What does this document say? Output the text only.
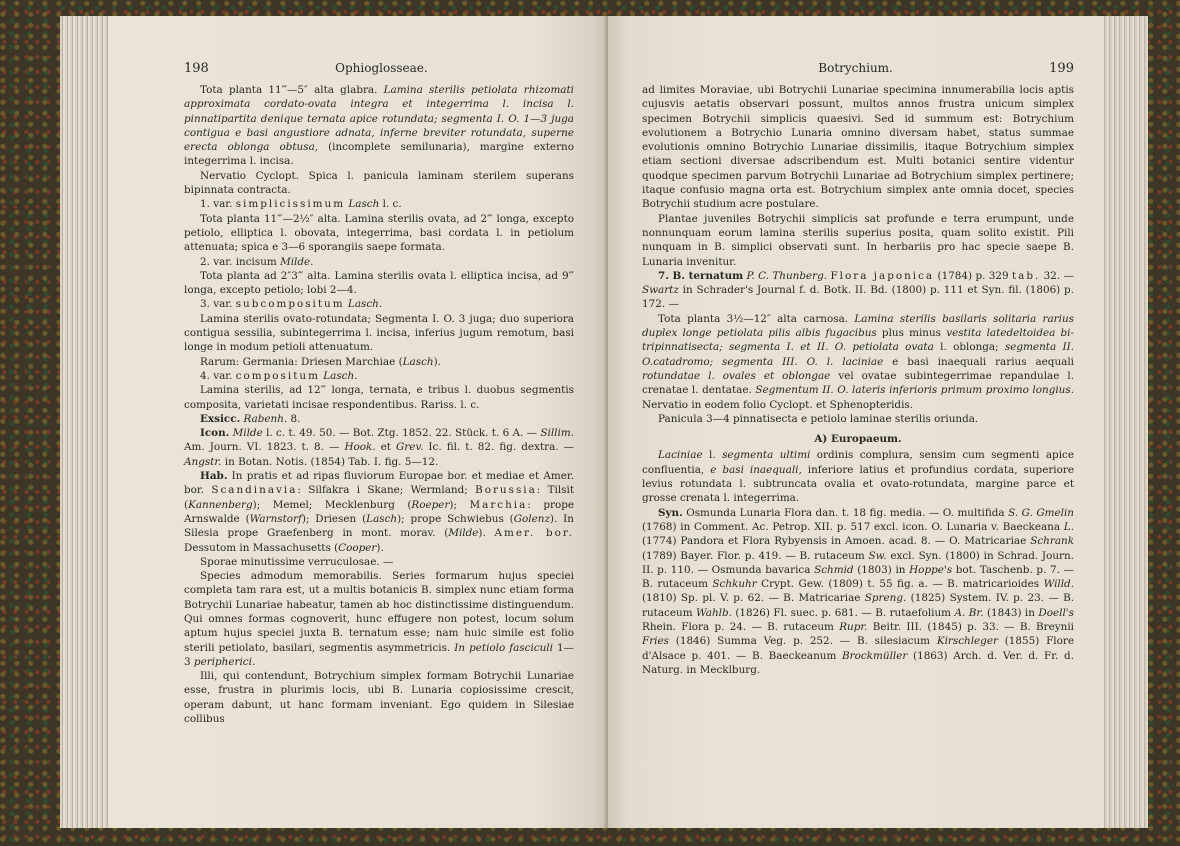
198	Ophioglosseae.

Tota planta 11‴—5″ alta glabra. Lamina sterilis petiolata rhizomati approximata cordato-ovata integra et integerrima l. incisa l. pinnatipartita denique ternata apice rotundata; segmenta I. O. 1—3 juga contigua e basi angustiore adnata, inferne breviter rotundata, superne erecta oblonga obtusa, (incomplete semilunaria), margine externo integerrima l. incisa.

Nervatio Cyclopt. Spica l. panicula laminam sterilem superans bipinnata contracta.

1. var. simplicissimum Lasch l. c.

Tota planta 11‴—2½″ alta. Lamina sterilis ovata, ad 2‴ longa, excepto petiolo, elliptica l. obovata, integerrima, basi cordata l. in petiolum attenuata; spica e 3—6 sporangiis saepe formata.

2. var. incisum Milde.

Tota planta ad 2″3‴ alta. Lamina sterilis ovata l. elliptica incisa, ad 9‴ longa, excepto petiolo; lobi 2—4.

3. var. subcompositum Lasch.

Lamina sterilis ovato-rotundata; Segmenta I. O. 3 juga; duo superiora contigua sessilia, subintegerrima l. incisa, inferius jugum remotum, basi longe in modum petioli attenuatum.

Rarum: Germania: Driesen Marchiae (Lasch).

4. var. compositum Lasch.

Lamina sterilis, ad 12‴ longa, ternata, e tribus l. duobus segmentis composita, varietati incisae respondentibus. Rariss. l. c.

Exsicc. Rabenh. 8.

Icon. Milde l. c. t. 49. 50. — Bot. Ztg. 1852. 22. Stück. t. 6 A. — Sillim. Am. Journ. VI. 1823. t. 8. — Hook. et Grev. Ic. fil. t. 82. fig. dextra. — Angstr. in Botan. Notis. (1854) Tab. I. fig. 5—12.

Hab. In pratis et ad ripas fluviorum Europae bor. et mediae et Amer. bor. Scandinavia: Silfakra i Skane; Wermland; Borussia: Tilsit (Kannenberg); Memel; Mecklenburg (Roeper); Marchia: prope Arnswalde (Warnstorf); Driesen (Lasch); prope Schwiebus (Golenz). In Silesia prope Graefenberg in mont. morav. (Milde). Amer. bor. Dessutom in Massachusetts (Cooper).

Sporae minutissime verruculosae. —

Species admodum memorabilis. Series formarum hujus speciei completa tam rara est, ut a multis botanicis B. simplex nunc etiam forma Botrychii Lunariae habeatur, tamen ab hoc distinctissime distinguendum. Qui omnes formas cognoverit, hunc effugere non potest, locum solum aptum hujus speciei juxta B. ternatum esse; nam huic simile est folio sterili petiolato, basilari, segmentis asymmetricis. In petiolo fasciculi 1—3 peripherici.

Illi, qui contendunt, Botrychium simplex formam Botrychii Lunariae esse, frustra in plurimis locis, ubi B. Lunaria copiosissime crescit, operam dabunt, ut hanc formam inveniant. Ego quidem in Silesiae collibus

Botrychium.	199

ad limites Moraviae, ubi Botrychii Lunariae specimina innumerabilia locis aptis cujusvis aetatis observari possunt, multos annos frustra unicum simplex specimen Botrychii simplicis quaesivi. Sed id summum est: Botrychium evolutionem a Botrychio Lunaria omnino diversam habet, status summae evolutionis omnino Botrychio Lunariae dissimilis, itaque Botrychium simplex etiam sectioni diversae adscribendum est. Multi botanici sentire videntur quodque specimen parvum Botrychii Lunariae ad Botrychium simplex pertinere; itaque confusio magna orta est. Botrychium simplex ante omnia docet, species Botrychii studium acre postulare.

Plantae juveniles Botrychii simplicis sat profunde e terra erumpunt, unde nonnunquam eorum lamina sterilis superius posita, quam solito existit. Pili nunquam in B. simplici observati sunt. In herbariis pro hac specie saepe B. Lunaria invenitur.

7. B. ternatum P. C. Thunberg. Flora japonica (1784) p. 329 tab. 32. — Swartz in Schrader's Journal f. d. Botk. II. Bd. (1800) p. 111 et Syn. fil. (1806) p. 172. —

Tota planta 3½—12″ alta carnosa. Lamina sterilis basilaris solitaria rarius duplex longe petiolata pilis albis fugacibus plus minus vestita latedeltoidea bi-tripinnatisecta; segmenta I. et II. O. petiolata ovata l. oblonga; segmenta II. O.catadromo; segmenta III. O. l. laciniae e basi inaequali rarius aequali rotundatae l. ovales et oblongae vel ovatae subintegerrimae repandulae l. crenatae l. dentatae. Segmentum II. O. lateris inferioris primum proximo longius. Nervatio in eodem folio Cyclopt. et Sphenopteridis.

Panicula 3—4 pinnatisecta e petiolo laminae sterilis oriunda.

A) Europaeum.

Laciniae l. segmenta ultimi ordinis complura, sensim cum segmenti apice confluentia, e basi inaequali, inferiore latius et profundius cordata, superiore levius rotundata l. subtruncata ovalia et ovato-rotundata, margine parce et grosse crenata l. integerrima.

Syn. Osmunda Lunaria Flora dan. t. 18 fig. media. — O. multifida S. G. Gmelin (1768) in Comment. Ac. Petrop. XII. p. 517 excl. icon. O. Lunaria v. Baeckeana L. (1774) Pandora et Flora Rybyensis in Amoen. acad. 8. — O. Matricariae Schrank (1789) Bayer. Flor. p. 419. — B. rutaceum Sw. excl. Syn. (1800) in Schrad. Journ. II. p. 110. — Osmunda bavarica Schmid (1803) in Hoppe's bot. Taschenb. p. 7. — B. rutaceum Schkuhr Crypt. Gew. (1809) t. 55 fig. a. — B. matricarioides Willd. (1810) Sp. pl. V. p. 62. — B. Matricariae Spreng. (1825) System. IV. p. 23. — B. rutaceum Wahlb. (1826) Fl. suec. p. 681. — B. rutaefolium A. Br. (1843) in Doell's Rhein. Flora p. 24. — B. rutaceum Rupr. Beitr. III. (1845) p. 33. — B. Breynii Fries (1846) Summa Veg. p. 252. — B. silesiacum Kirschleger (1855) Flore d'Alsace p. 401. — B. Baeckeanum Brockmüller (1863) Arch. d. Ver. d. Fr. d. Naturg. in Mecklburg.
